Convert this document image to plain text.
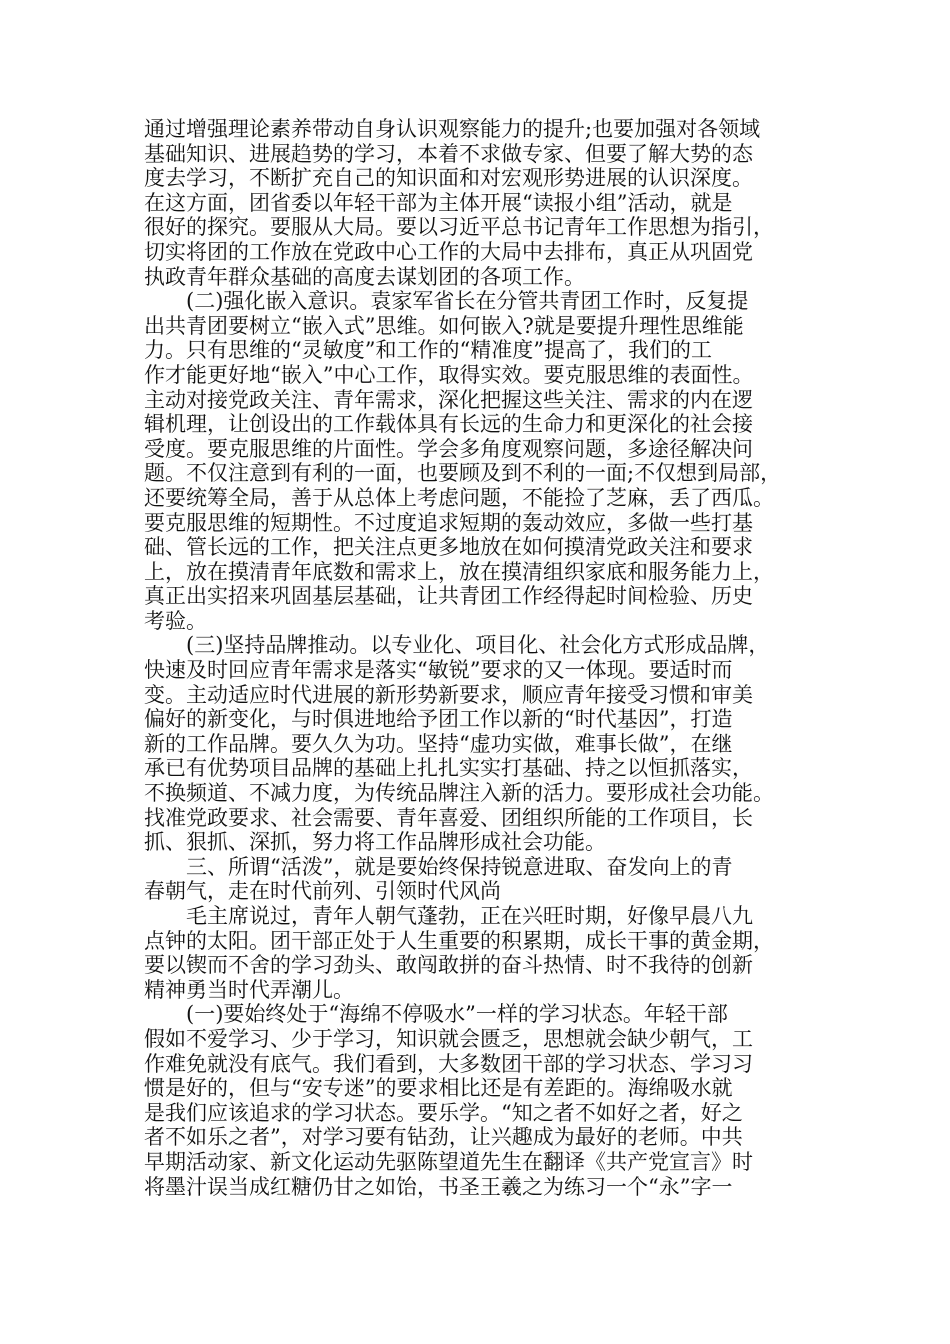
通过增强理论素养带动自身认识观察能力的提升;也要加强对各领域
基础知识、进展趋势的学习，本着不求做专家、但要了解大势的态
度去学习，不断扩充自己的知识面和对宏观形势进展的认识深度。
在这方面，团省委以年轻干部为主体开展“读报小组”活动，就是
很好的探究。要服从大局。要以习近平总书记青年工作思想为指引，
切实将团的工作放在党政中心工作的大局中去排布，真正从巩固党
执政青年群众基础的高度去谋划团的各项工作。
(二)强化嵌入意识。袁家军省长在分管共青团工作时，反复提
出共青团要树立“嵌入式”思维。如何嵌入?就是要提升理性思维能
力。只有思维的“灵敏度”和工作的“精准度”提高了，我们的工
作才能更好地“嵌入”中心工作，取得实效。要克服思维的表面性。
主动对接党政关注、青年需求，深化把握这些关注、需求的内在逻
辑机理，让创设出的工作载体具有长远的生命力和更深化的社会接
受度。要克服思维的片面性。学会多角度观察问题，多途径解决问
题。不仅注意到有利的一面，也要顾及到不利的一面;不仅想到局部，
还要统筹全局，善于从总体上考虑问题，不能捡了芝麻，丢了西瓜。
要克服思维的短期性。不过度追求短期的轰动效应，多做一些打基
础、管长远的工作，把关注点更多地放在如何摸清党政关注和要求
上，放在摸清青年底数和需求上，放在摸清组织家底和服务能力上，
真正出实招来巩固基层基础，让共青团工作经得起时间检验、历史
考验。
(三)坚持品牌推动。以专业化、项目化、社会化方式形成品牌，
快速及时回应青年需求是落实“敏锐”要求的又一体现。要适时而
变。主动适应时代进展的新形势新要求，顺应青年接受习惯和审美
偏好的新变化，与时俱进地给予团工作以新的“时代基因”，打造
新的工作品牌。要久久为功。坚持“虚功实做，难事长做”，在继
承已有优势项目品牌的基础上扎扎实实打基础、持之以恒抓落实，
不换频道、不减力度，为传统品牌注入新的活力。要形成社会功能。
找准党政要求、社会需要、青年喜爱、团组织所能的工作项目，长
抓、狠抓、深抓，努力将工作品牌形成社会功能。
三、所谓“活泼”，就是要始终保持锐意进取、奋发向上的青
春朝气，走在时代前列、引领时代风尚
毛主席说过，青年人朝气蓬勃，正在兴旺时期，好像早晨八九
点钟的太阳。团干部正处于人生重要的积累期，成长干事的黄金期，
要以锲而不舍的学习劲头、敢闯敢拼的奋斗热情、时不我待的创新
精神勇当时代弄潮儿。
(一)要始终处于“海绵不停吸水”一样的学习状态。年轻干部
假如不爱学习、少于学习，知识就会匮乏，思想就会缺少朝气，工
作难免就没有底气。我们看到，大多数团干部的学习状态、学习习
惯是好的，但与“安专迷”的要求相比还是有差距的。海绵吸水就
是我们应该追求的学习状态。要乐学。“知之者不如好之者，好之
者不如乐之者”，对学习要有钻劲，让兴趣成为最好的老师。中共
早期活动家、新文化运动先驱陈望道先生在翻译《共产党宣言》时
将墨汁误当成红糖仍甘之如饴，书圣王羲之为练习一个“永”字一
